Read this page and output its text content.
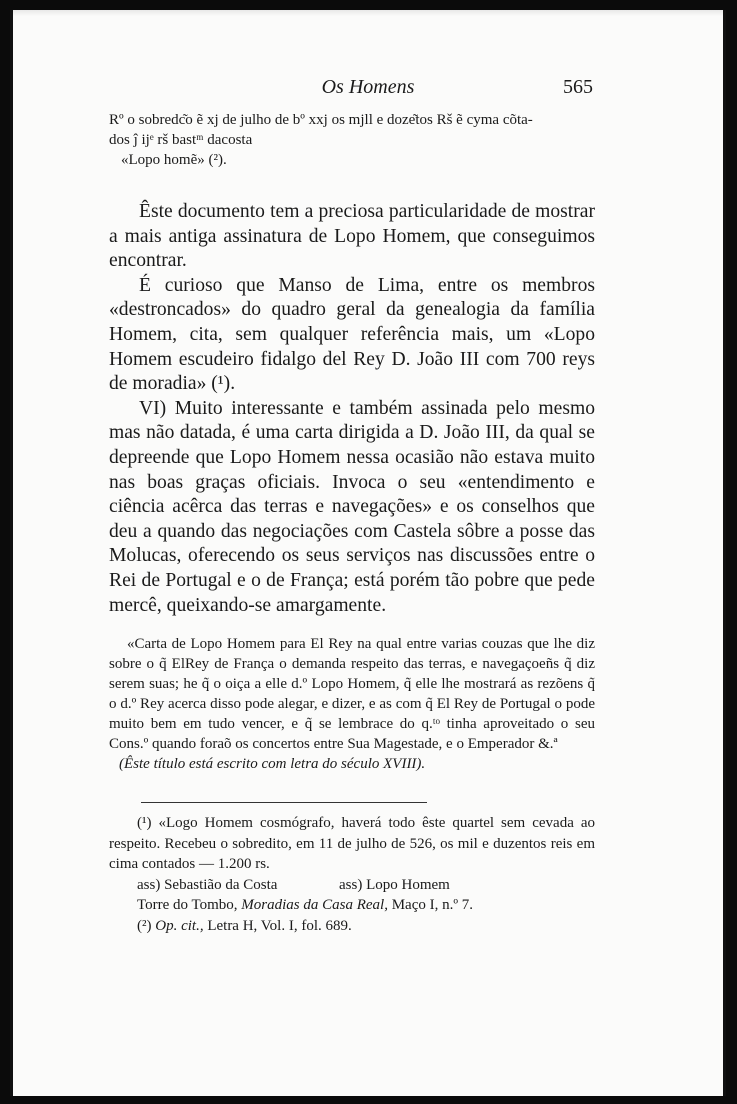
Os Homens	565
Rº o sobredc͂o ẽ xj de julho de bº xxj os mjll e doze͂tos Rš ẽ cyma cõta-
dos ĵ ijᵉ rš bastᵐ dacosta
«Lopo homẽ» (²).

Êste documento tem a preciosa particularidade de mostrar a mais antiga assinatura de Lopo Homem, que conseguimos encontrar.

É curioso que Manso de Lima, entre os membros «destroncados» do quadro geral da genealogia da família Homem, cita, sem qualquer referência mais, um «Lopo Homem escudeiro fidalgo del Rey D. João III com 700 reys de moradia» (¹).

VI) Muito interessante e também assinada pelo mesmo mas não datada, é uma carta dirigida a D. João III, da qual se depreende que Lopo Homem nessa ocasião não estava muito nas boas graças oficiais. Invoca o seu «entendimento e ciência acêrca das terras e navegações» e os conselhos que deu a quando das negociações com Castela sôbre a posse das Molucas, oferecendo os seus serviços nas discussões entre o Rei de Portugal e o de França; está porém tão pobre que pede mercê, queixando-se amargamente.

«Carta de Lopo Homem para El Rey na qual entre varias couzas que lhe diz sobre o q̃ ElRey de França o demanda respeito das terras, e navegaçoeñs q̃ diz serem suas; he q̃ o oiça a elle d.º Lopo Homem, q̃ elle lhe mostrará as rezõens q̃ o d.º Rey acerca disso pode alegar, e dizer, e as com q̃ El Rey de Portugal o pode muito bem em tudo vencer, e q̃ se lembrace do q.ᵗᵒ tinha aproveitado o seu Cons.º quando foraõ os concertos entre Sua Magestade, e o Emperador &.ª

(Êste título está escrito com letra do século XVIII).

(¹) «Logo Homem cosmógrafo, haverá todo êste quartel sem cevada ao respeito. Recebeu o sobredito, em 11 de julho de 526, os mil e duzentos reis em cima contados — 1.200 rs.

ass) Sebastião da Costa	ass) Lopo Homem
Torre do Tombo, Moradias da Casa Real, Maço I, n.º 7.
(²) Op. cit., Letra H, Vol. I, fol. 689.
